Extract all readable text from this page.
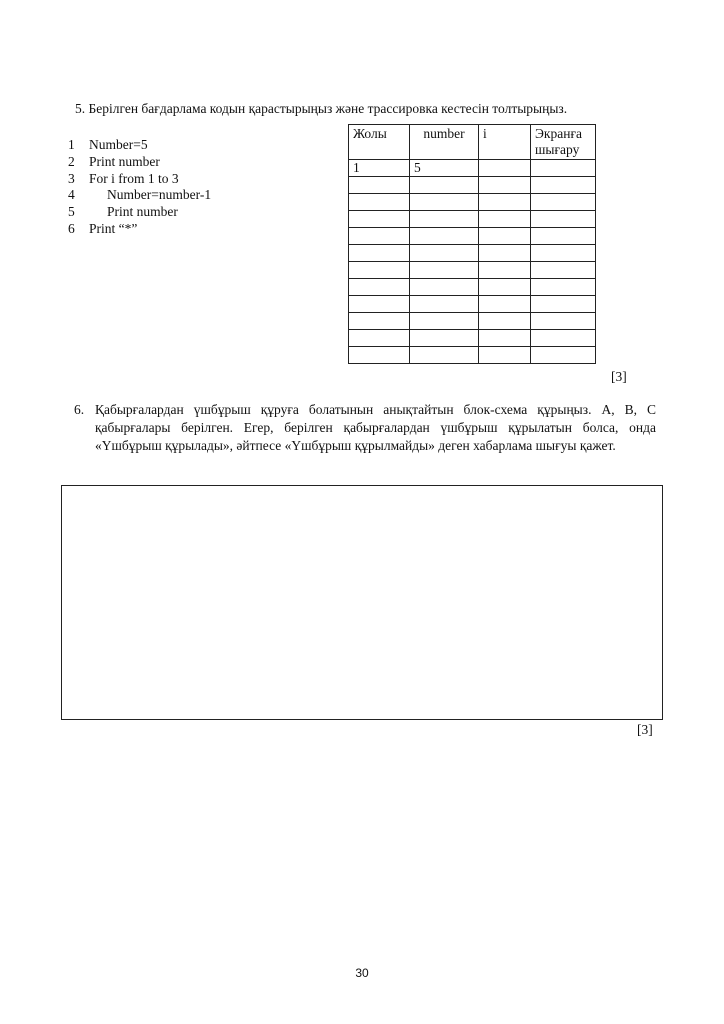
5. Берілген бағдарлама кодын қарастырыңыз және трассировка кестесін толтырыңыз.
1	Number=5
2	Print number
3	For i from 1 to 3
4	Number=number-1
5	Print number
6	Print “*”
Жолы	number	i	Экранға шығару
1	5		

[3]
6. Қабырғалардан үшбұрыш құруға болатынын анықтайтын блок-схема құрыңыз. A, B, C қабырғалары берілген. Егер, берілген қабырғалардан үшбұрыш құрылатын болса, онда «Үшбұрыш құрылады», әйтпесе «Үшбұрыш құрылмайды» деген хабарлама шығуы қажет.
[3]
30
